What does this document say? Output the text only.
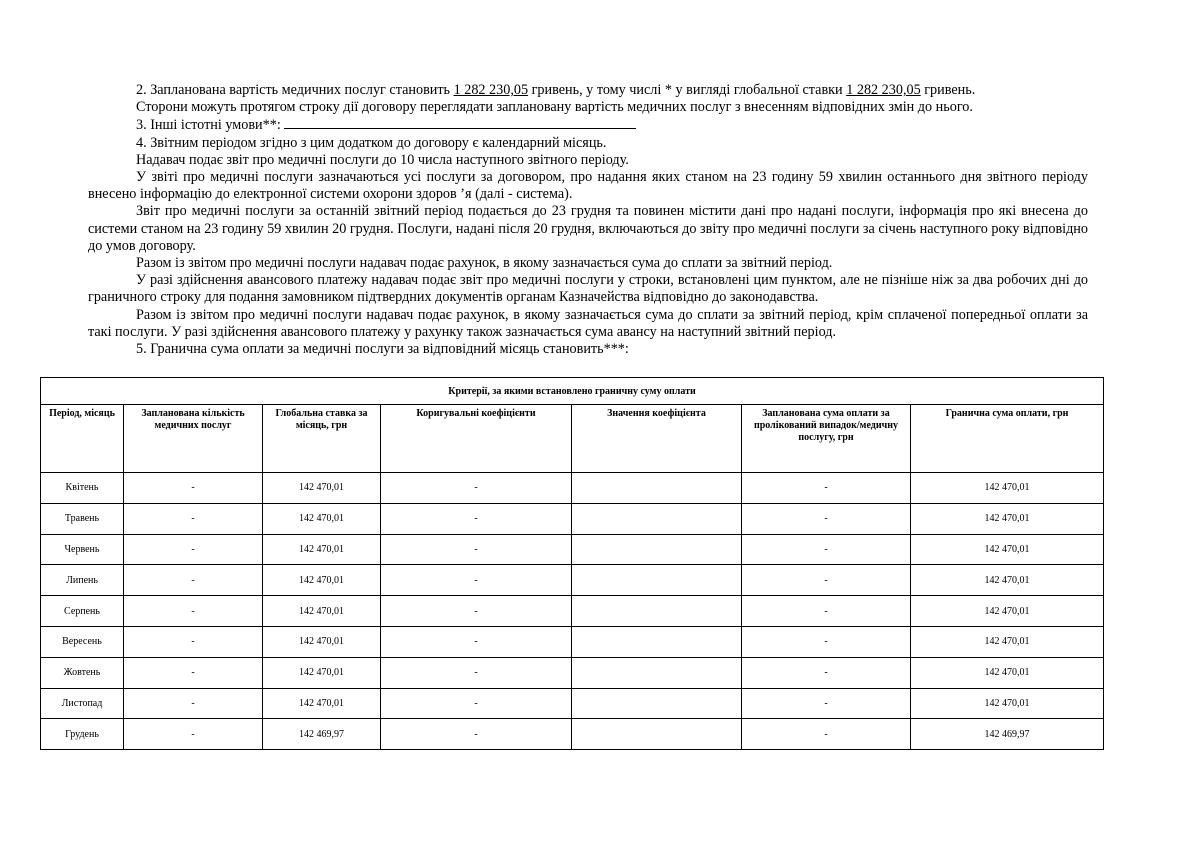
2. Запланована вартість медичних послуг становить 1 282 230,05 гривень, у тому числі * у вигляді глобальної ставки 1 282 230,05 гривень.

Сторони можуть протягом строку дії договору переглядати заплановану вартість медичних послуг з внесенням відповідних змін до нього.

3. Інші істотні умови**:

4. Звітним періодом згідно з цим додатком до договору є календарний місяць.

Надавач подає звіт про медичні послуги до 10 числа наступного звітного періоду.

У звіті про медичні послуги зазначаються усі послуги за договором, про надання яких станом на 23 годину 59 хвилин останнього дня звітного періоду внесено інформацію до електронної системи охорони здоров ’я (далі - система).

Звіт про медичні послуги за останній звітний період подається до 23 грудня та повинен містити дані про надані послуги, інформація про які внесена до системи станом на 23 годину 59 хвилин 20 грудня. Послуги, надані після 20 грудня, включаються до звіту про медичні послуги за січень наступного року відповідно до умов договору.

Разом із звітом про медичні послуги надавач подає рахунок, в якому зазначається сума до сплати за звітний період.

У разі здійснення авансового платежу надавач подає звіт про медичні послуги у строки, встановлені цим пунктом, але не пізніше ніж за два робочих дні до граничного строку для подання замовником підтвердних документів органам Казначейства відповідно до законодавства.

Разом із звітом про медичні послуги надавач подає рахунок, в якому зазначається сума до сплати за звітний період, крім сплаченої попередньої оплати за такі послуги. У разі здійснення авансового платежу у рахунку також зазначається сума авансу на наступний звітний період.

5. Гранична сума оплати за медичні послуги за відповідний місяць становить***:

Критерії, за якими встановлено граничну суму оплати						
Період, місяць	Запланована кількість медичних послуг	Глобальна ставка за місяць, грн	Коригувальні коефіцієнти	Значення коефіцієнта	Запланована сума оплати за пролікований випадок/медичну послугу, грн	Гранична сума оплати, грн
Квітень	-	142 470,01	-		-	142 470,01
Травень	-	142 470,01	-		-	142 470,01
Червень	-	142 470,01	-		-	142 470,01
Липень	-	142 470,01	-		-	142 470,01
Серпень	-	142 470,01	-		-	142 470,01
Вересень	-	142 470,01	-		-	142 470,01
Жовтень	-	142 470,01	-		-	142 470,01
Листопад	-	142 470,01	-		-	142 470,01
Грудень	-	142 469,97	-		-	142 469,97
